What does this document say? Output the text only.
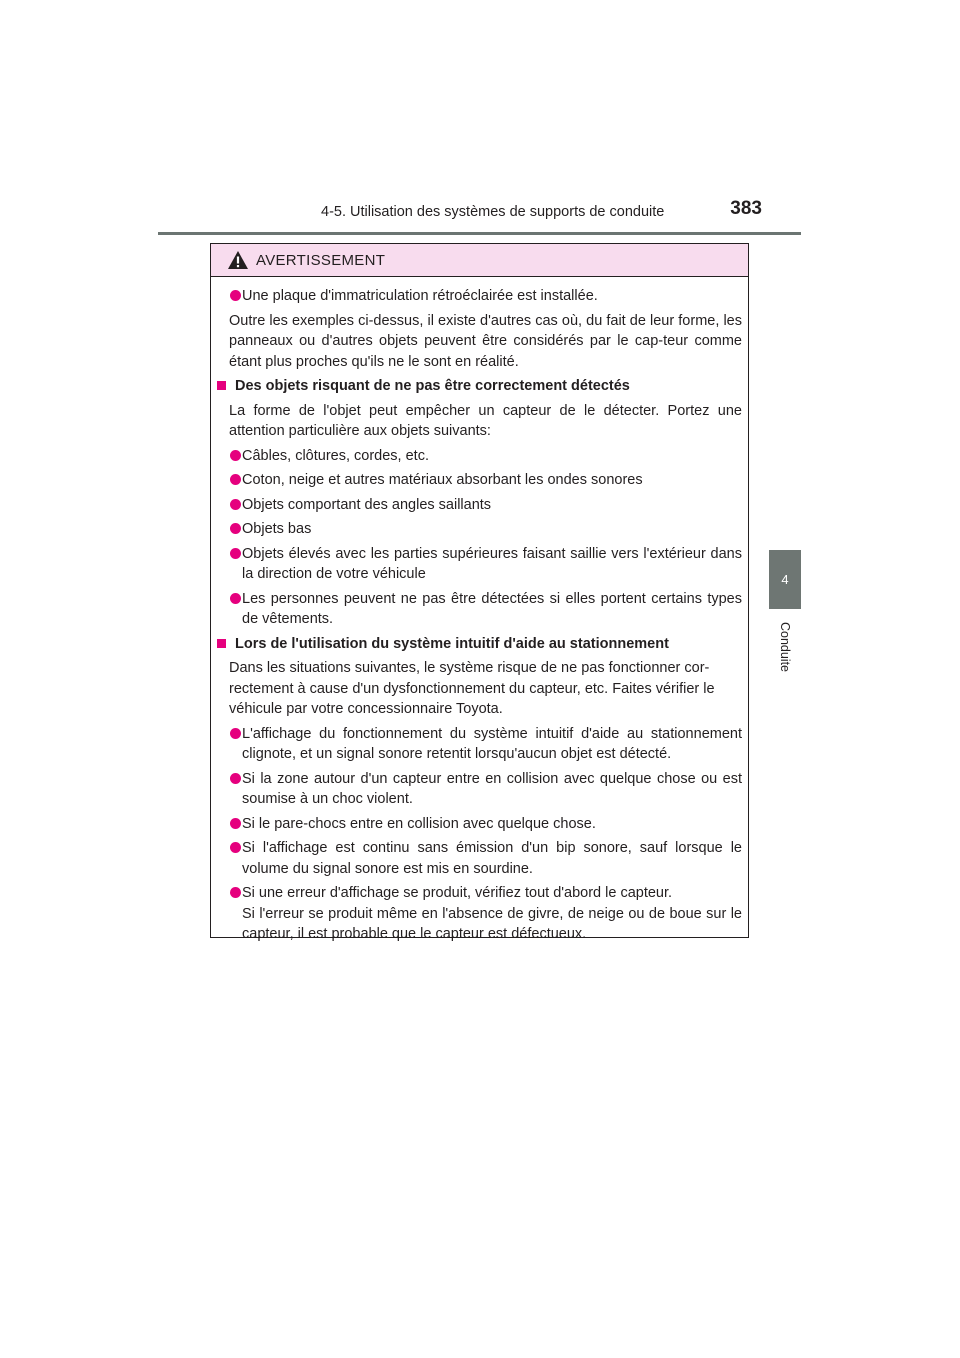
4-5. Utilisation des systèmes de supports de conduite	383
4
Conduite
AVERTISSEMENT
Une plaque d'immatriculation rétroéclairée est installée.
Outre les exemples ci-dessus, il existe d'autres cas où, du fait de leur forme, les panneaux ou d'autres objets peuvent être considérés par le cap-teur comme étant plus proches qu'ils ne le sont en réalité.
Des objets risquant de ne pas être correctement détectés
La forme de l'objet peut empêcher un capteur de le détecter. Portez une attention particulière aux objets suivants:
Câbles, clôtures, cordes, etc.
Coton, neige et autres matériaux absorbant les ondes sonores
Objets comportant des angles saillants
Objets bas
Objets élevés avec les parties supérieures faisant saillie vers l'extérieur dans la direction de votre véhicule
Les personnes peuvent ne pas être détectées si elles portent certains types de vêtements.
Lors de l'utilisation du système intuitif d'aide au stationnement
Dans les situations suivantes, le système risque de ne pas fonctionner cor-
rectement à cause d'un dysfonctionnement du capteur, etc. Faites vérifier le
véhicule par votre concessionnaire Toyota.
L'affichage du fonctionnement du système intuitif d'aide au stationnement clignote, et un signal sonore retentit lorsqu'aucun objet est détecté.
Si la zone autour d'un capteur entre en collision avec quelque chose ou est soumise à un choc violent.
Si le pare-chocs entre en collision avec quelque chose.
Si l'affichage est continu sans émission d'un bip sonore, sauf lorsque le volume du signal sonore est mis en sourdine.
Si une erreur d'affichage se produit, vérifiez tout d'abord le capteur.
Si l'erreur se produit même en l'absence de givre, de neige ou de boue sur le capteur, il est probable que le capteur est défectueux.
